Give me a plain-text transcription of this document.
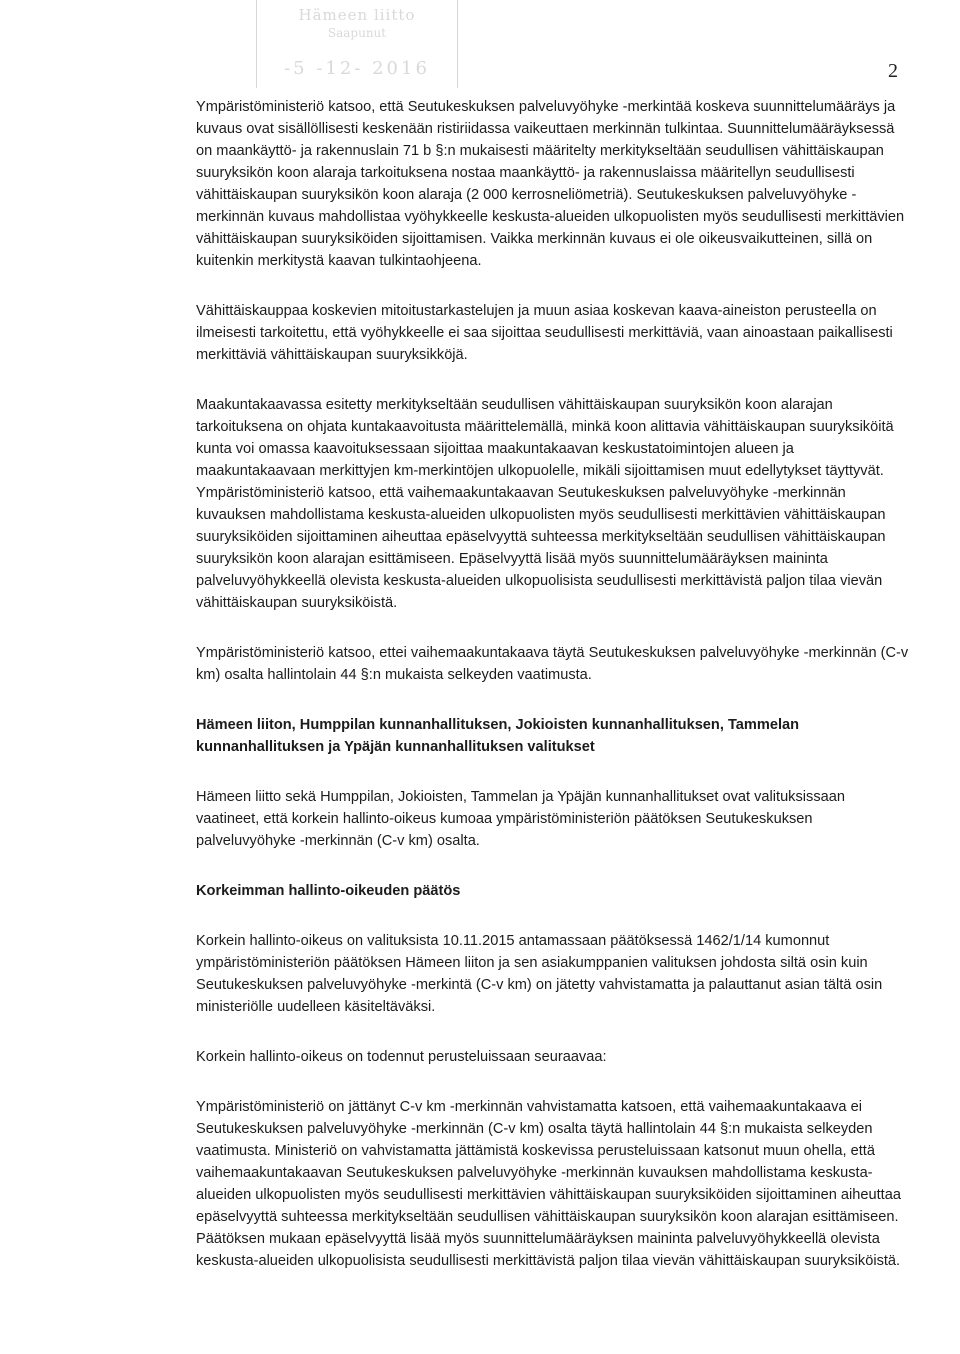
Hämeen liitto
Saapunut
-5 -12- 2016	2

Ympäristöministeriö katsoo, että Seutukeskuksen palveluvyöhyke -merkintää koskeva suunnittelumääräys ja kuvaus ovat sisällöllisesti keskenään ristiriidassa vaikeuttaen merkinnän tulkintaa. Suunnittelumääräyksessä on maankäyttö- ja rakennuslain 71 b §:n mukaisesti määritelty merkitykseltään seudullisen vähittäiskaupan suuryksikön koon alaraja tarkoituksena nostaa maankäyttö- ja rakennuslaissa määritellyn seudullisesti vähittäiskaupan suuryksikön koon alaraja (2 000 kerrosneliömetriä). Seutukeskuksen palveluvyöhyke -merkinnän kuvaus mahdollistaa vyöhykkeelle keskusta-alueiden ulkopuolisten myös seudullisesti merkittävien vähittäiskaupan suuryksiköiden sijoittamisen. Vaikka merkinnän kuvaus ei ole oikeusvaikutteinen, sillä on kuitenkin merkitystä kaavan tulkintaohjeena.

Vähittäiskauppaa koskevien mitoitustarkastelujen ja muun asiaa koskevan kaava-aineiston perusteella on ilmeisesti tarkoitettu, että vyöhykkeelle ei saa sijoittaa seudullisesti merkittäviä, vaan ainoastaan paikallisesti merkittäviä vähittäiskaupan suuryksikköjä.

Maakuntakaavassa esitetty merkitykseltään seudullisen vähittäiskaupan suuryksikön koon alarajan tarkoituksena on ohjata kuntakaavoitusta määrittelemällä, minkä koon alittavia vähittäiskaupan suuryksiköitä kunta voi omassa kaavoituksessaan sijoittaa maakuntakaavan keskustatoimintojen alueen ja maakuntakaavaan merkittyjen km-merkintöjen ulkopuolelle, mikäli sijoittamisen muut edellytykset täyttyvät. Ympäristöministeriö katsoo, että vaihemaakuntakaavan Seutukeskuksen palveluvyöhyke -merkinnän kuvauksen mahdollistama keskusta-alueiden ulkopuolisten myös seudullisesti merkittävien vähittäiskaupan suuryksiköiden sijoittaminen aiheuttaa epäselvyyttä suhteessa merkitykseltään seudullisen vähittäiskaupan suuryksikön koon alarajan esittämiseen. Epäselvyyttä lisää myös suunnittelumääräyksen maininta palveluvyöhykkeellä olevista keskusta-alueiden ulkopuolisista seudullisesti merkittävistä paljon tilaa vievän vähittäiskaupan suuryksiköistä.

Ympäristöministeriö katsoo, ettei vaihemaakuntakaava täytä Seutukeskuksen palveluvyöhyke -merkinnän (C-v km) osalta hallintolain 44 §:n mukaista selkeyden vaatimusta.

Hämeen liiton, Humppilan kunnanhallituksen, Jokioisten kunnanhallituksen, Tammelan kunnanhallituksen ja Ypäjän kunnanhallituksen valitukset

Hämeen liitto sekä Humppilan, Jokioisten, Tammelan ja Ypäjän kunnanhallitukset ovat valituksissaan vaatineet, että korkein hallinto-oikeus kumoaa ympäristöministeriön päätöksen Seutukeskuksen palveluvyöhyke -merkinnän (C-v km) osalta.

Korkeimman hallinto-oikeuden päätös

Korkein hallinto-oikeus on valituksista 10.11.2015 antamassaan päätöksessä 1462/1/14 kumonnut ympäristöministeriön päätöksen Hämeen liiton ja sen asiakumppanien valituksen johdosta siltä osin kuin Seutukeskuksen palveluvyöhyke -merkintä (C-v km) on jätetty vahvistamatta ja palauttanut asian tältä osin ministeriölle uudelleen käsiteltäväksi.

Korkein hallinto-oikeus on todennut perusteluissaan seuraavaa:

Ympäristöministeriö on jättänyt C-v km -merkinnän vahvistamatta katsoen, että vaihemaakuntakaava ei Seutukeskuksen palveluvyöhyke -merkinnän (C-v km) osalta täytä hallintolain 44 §:n mukaista selkeyden vaatimusta. Ministeriö on vahvistamatta jättämistä koskevissa perusteluissaan katsonut muun ohella, että vaihemaakuntakaavan Seutukeskuksen palveluvyöhyke -merkinnän kuvauksen mahdollistama keskusta-alueiden ulkopuolisten myös seudullisesti merkittävien vähittäiskaupan suuryksiköiden sijoittaminen aiheuttaa epäselvyyttä suhteessa merkitykseltään seudullisen vähittäiskaupan suuryksikön koon alarajan esittämiseen. Päätöksen mukaan epäselvyyttä lisää myös suunnittelumääräyksen maininta palveluvyöhykkeellä olevista keskusta-alueiden ulkopuolisista seudullisesti merkittävistä paljon tilaa vievän vähittäiskaupan suuryksiköistä.
